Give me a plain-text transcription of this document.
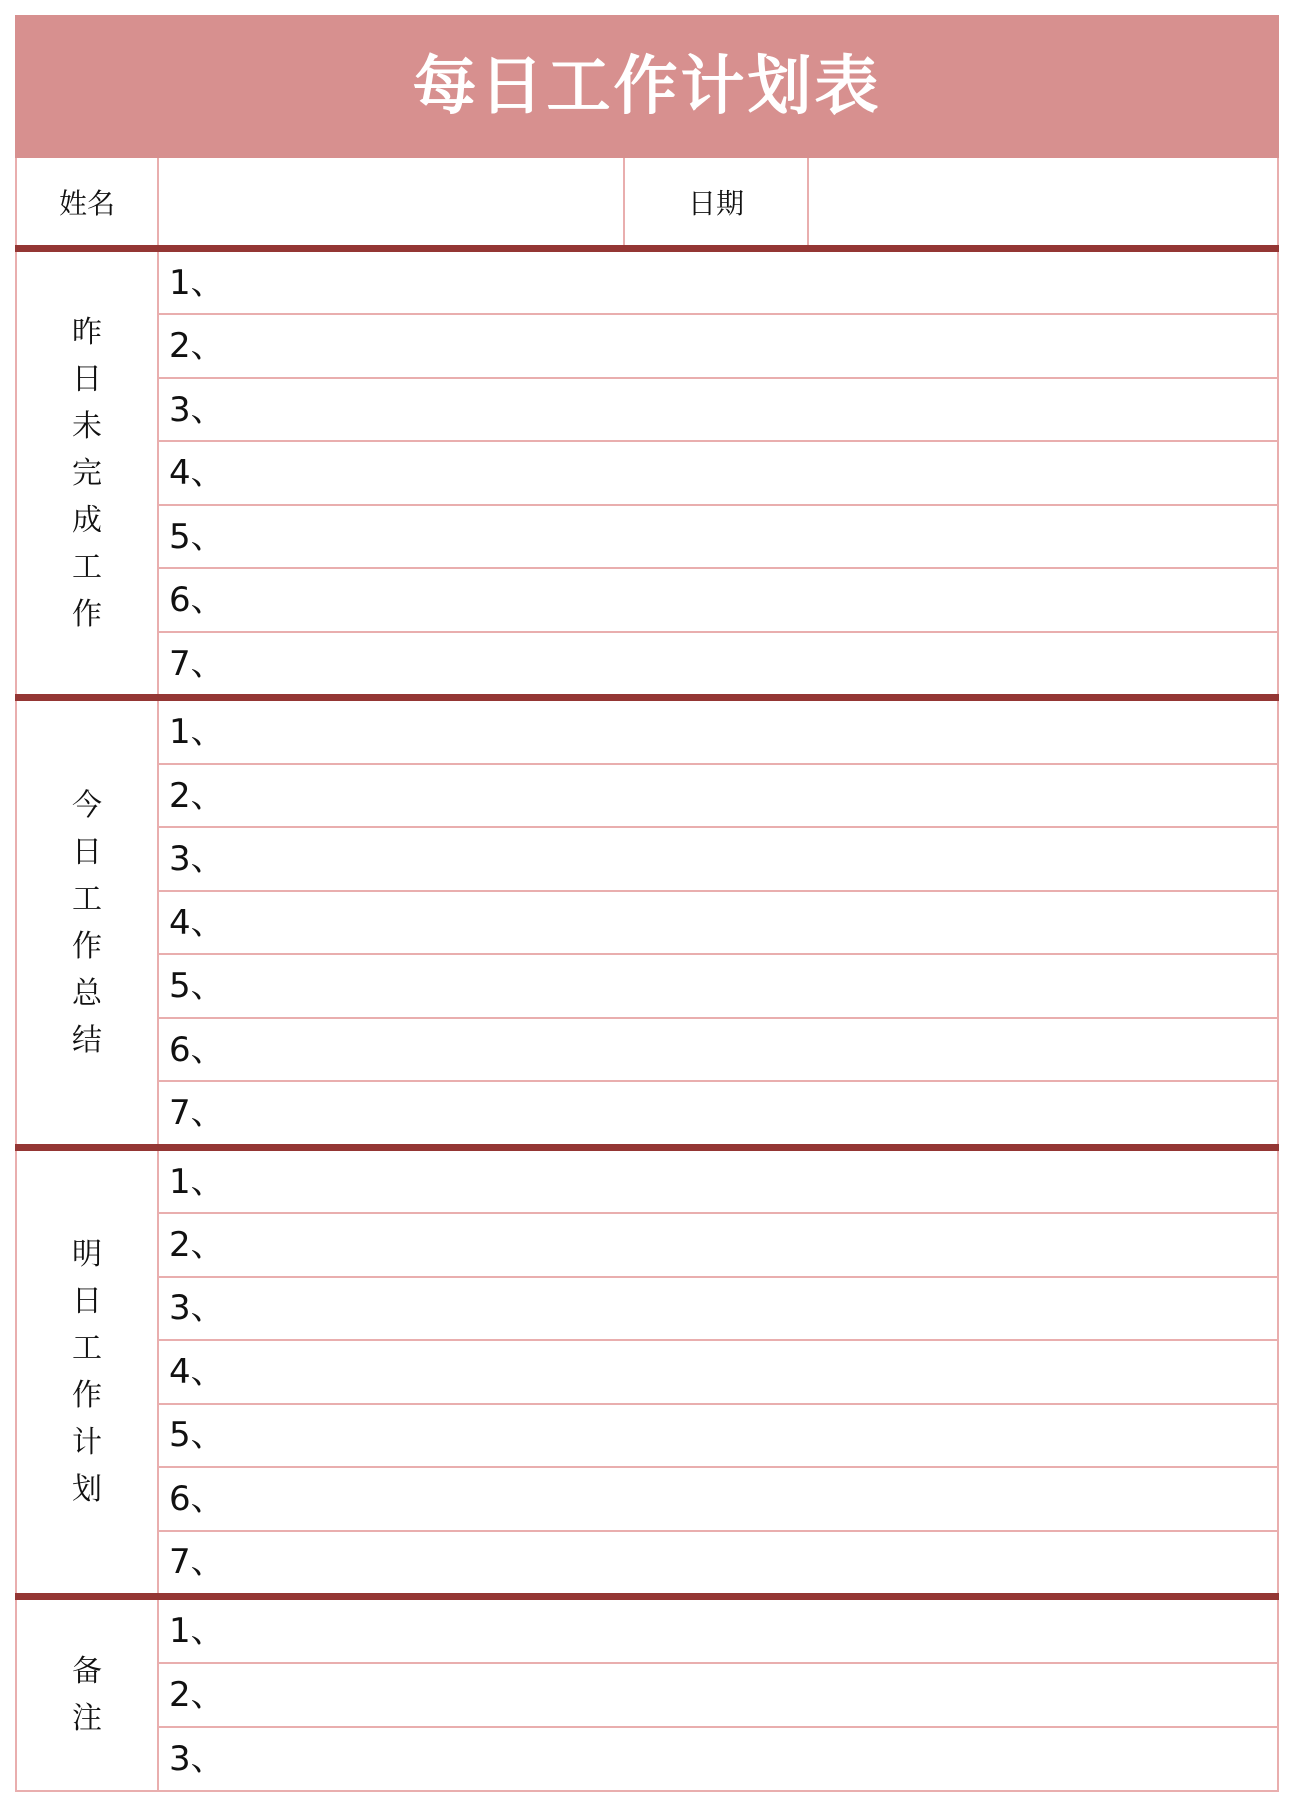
每日工作计划表
姓名	日期
昨日未完成工作
1、
2、
3、
4、
5、
6、
7、
今日工作总结
1、
2、
3、
4、
5、
6、
7、
明日工作计划
1、
2、
3、
4、
5、
6、
7、
备注
1、
2、
3、
